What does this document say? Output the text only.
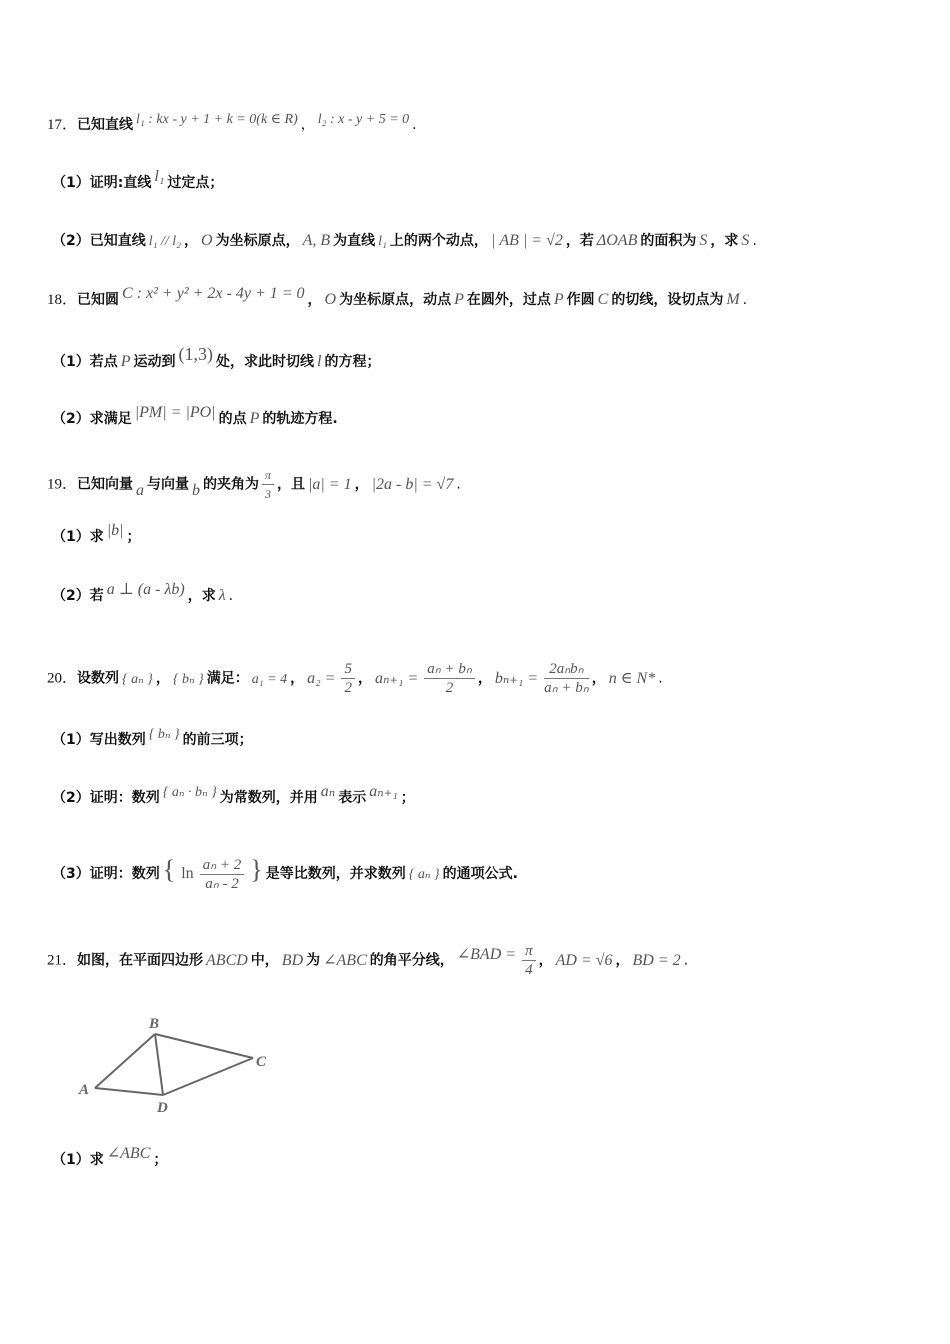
17．已知直线 l₁ : kx - y + 1 + k = 0(k ∈ R) ， l₂ : x - y + 5 = 0 .
（1）证明:直线 l₁ 过定点；
（2）已知直线 l₁ // l₂ ， O 为坐标原点， A, B 为直线 l₁ 上的两个动点， | AB | = √2 ，若 ΔOAB 的面积为 S ，求 S .
18．已知圆 C : x² + y² + 2x - 4y + 1 = 0 ， O 为坐标原点，动点 P 在圆外，过点 P 作圆 C 的切线，设切点为 M .
（1）若点 P 运动到 (1,3) 处，求此时切线 l 的方程；
（2）求满足 |PM| = |PO| 的点 P 的轨迹方程.
19．已知向量 a 与向量 b 的夹角为 $\frac{\pi}{3}$ ，且 |a| = 1 ， |2a - b| = √7 .
（1）求 |b| ；
（2）若 a ⊥ (a - λb) ，求 λ .
20．设数列 { aₙ } ， { bₙ } 满足： a₁ = 4 ， $a_2 = \frac{5}{2}$ ， $a_{n+1} = \frac{\text{aₙ + bₙ}}{2}$ ， $b_{n+1} = \frac{\text{2aₙbₙ}}{\text{aₙ + bₙ}}$ ， n ∈ N* .
（1）写出数列 { bₙ } 的前三项；
（2）证明：数列 { aₙ · bₙ } 为常数列，并用 aₙ 表示 aₙ₊₁ ；
（3）证明：数列 { $\ln \frac{\text{aₙ + 2}}{\text{aₙ - 2}}$ } 是等比数列，并求数列 { aₙ } 的通项公式.
21．如图，在平面四边形 ABCD 中， BD 为 ∠ABC 的角平分线， ∠BAD = $\frac{\pi}{4}$ ， AD = √6 ， BD = 2 .
A
B
C
D
（1）求 ∠ABC ；
